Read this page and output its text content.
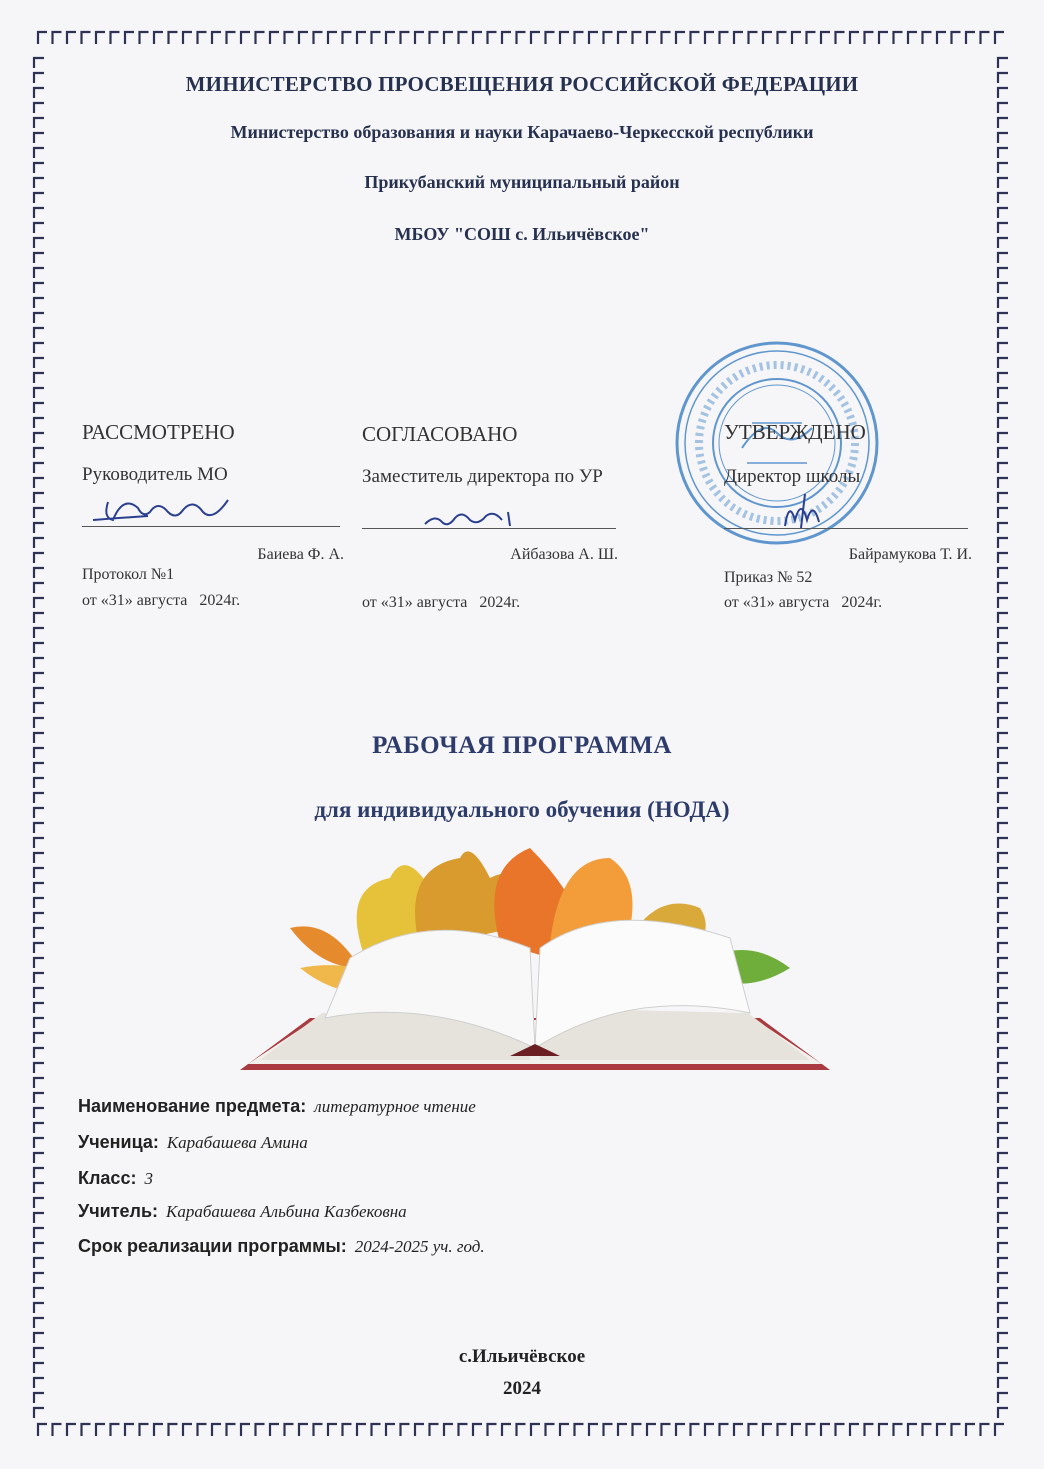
МИНИСТЕРСТВО ПРОСВЕЩЕНИЯ РОССИЙСКОЙ ФЕДЕРАЦИИ
Министерство образования и науки Карачаево-Черкесской республики
Прикубанский муниципальный район
МБОУ "СОШ с. Ильичёвское"
РАССМОТРЕНО
Руководитель МО
Баиева Ф. А.
Протокол №1
от «31» августа   2024г.
СОГЛАСОВАНО
Заместитель директора по УР
Айбазова А. Ш.
от «31» августа   2024г.
УТВЕРЖДЕНО
Директор школы
Байрамукова Т. И.
Приказ № 52
от «31» августа   2024г.
РАБОЧАЯ ПРОГРАММА
для индивидуального обучения (НОДА)
Наименование предмета: литературное чтение
Ученица: Карабашева Амина
Класс: 3
Учитель: Карабашева Альбина Казбековна
Срок реализации программы: 2024-2025 уч. год.
с.Ильичёвское
2024
